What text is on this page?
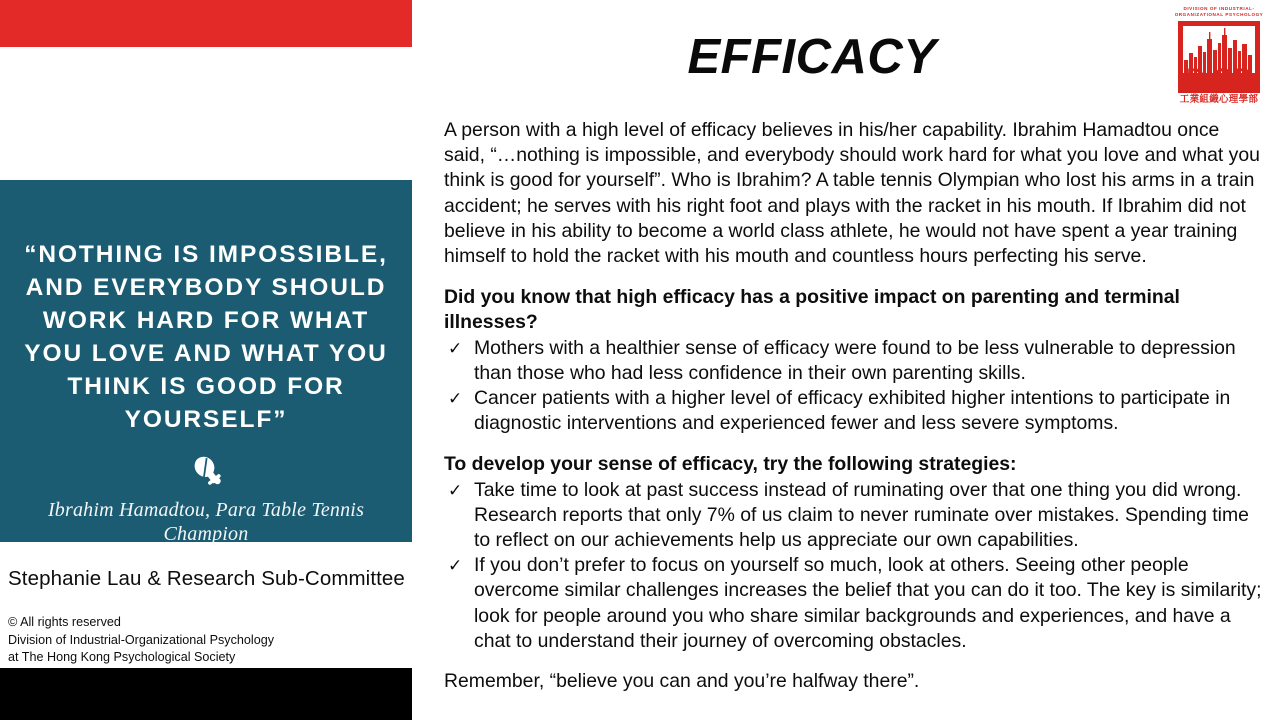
“NOTHING IS IMPOSSIBLE, AND EVERYBODY SHOULD WORK HARD FOR WHAT YOU LOVE AND WHAT YOU THINK IS GOOD FOR YOURSELF”
Ibrahim Hamadtou, Para Table Tennis Champion
Stephanie Lau & Research Sub-Committee
© All rights reserved
Division of Industrial-Organizational Psychology
at The Hong Kong Psychological Society
EFFICACY
DIVISION OF INDUSTRIAL-ORGANIZATIONAL PSYCHOLOGY
DIOP
工業組織心理學部

A person with a high level of efficacy believes in his/her capability. Ibrahim Hamadtou once said, “…nothing is impossible, and everybody should work hard for what you love and what you think is good for yourself”. Who is Ibrahim? A table tennis Olympian who lost his arms in a train accident; he serves with his right foot and plays with the racket in his mouth. If Ibrahim did not believe in his ability to become a world class athlete, he would not have spent a year training himself to hold the racket with his mouth and countless hours perfecting his serve.

Did you know that high efficacy has a positive impact on parenting and terminal illnesses?

✓ Mothers with a healthier sense of efficacy were found to be less vulnerable to depression than those who had less confidence in their own parenting skills.
✓ Cancer patients with a higher level of efficacy exhibited higher intentions to participate in diagnostic interventions and experienced fewer and less severe symptoms.

To develop your sense of efficacy, try the following strategies:

✓ Take time to look at past success instead of ruminating over that one thing you did wrong. Research reports that only 7% of us claim to never ruminate over mistakes. Spending time to reflect on our achievements help us appreciate our own capabilities.
✓ If you don’t prefer to focus on yourself so much, look at others. Seeing other people overcome similar challenges increases the belief that you can do it too. The key is similarity; look for people around you who share similar backgrounds and experiences, and have a chat to understand their journey of overcoming obstacles.

Remember, “believe you can and you’re halfway there”.
